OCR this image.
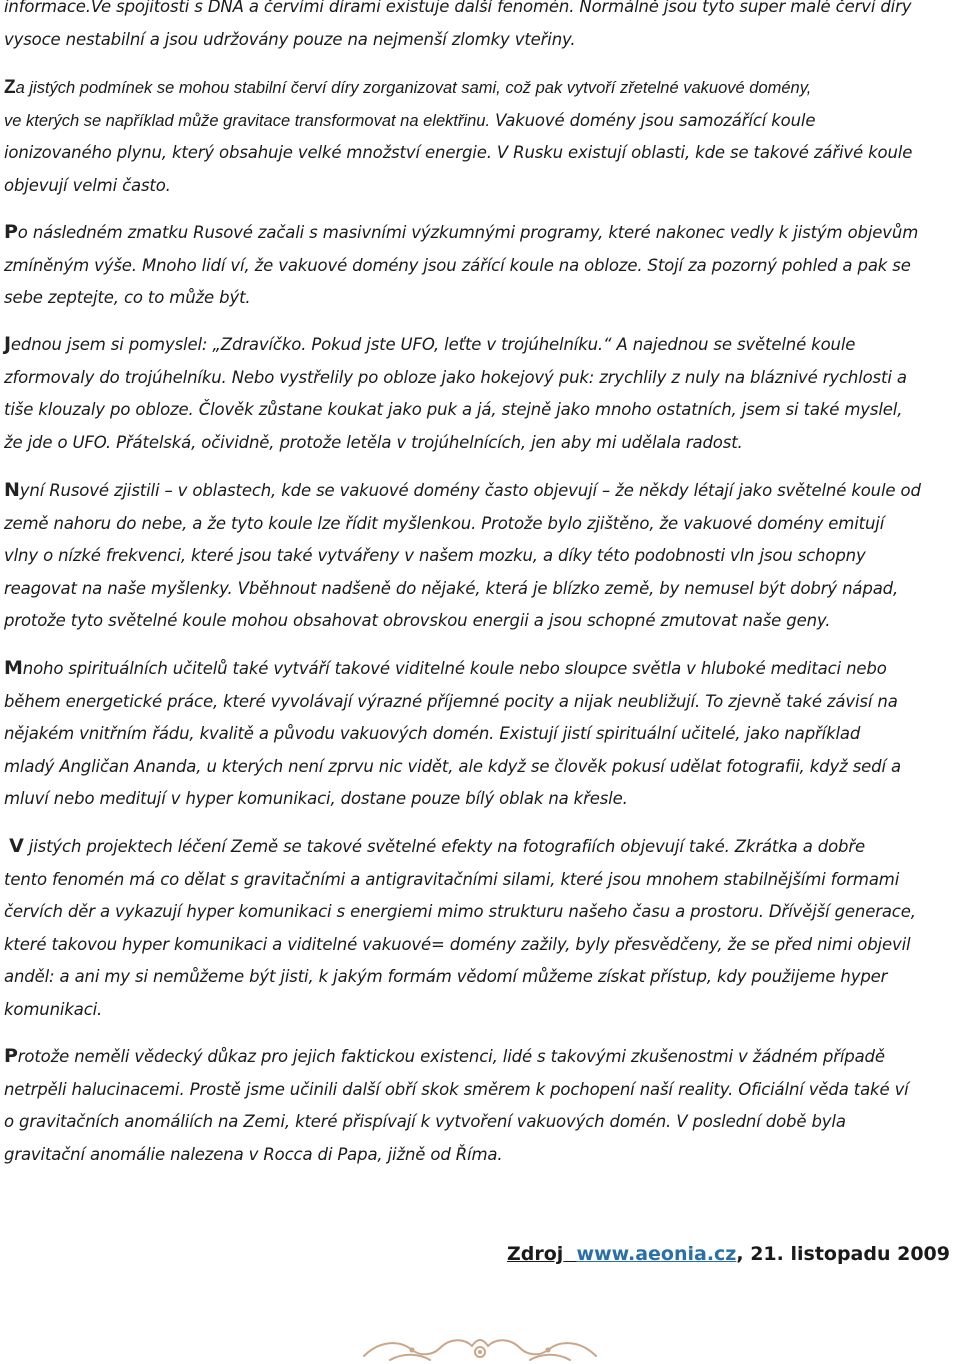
informace.Ve spojitosti s DNA a červími dírami existuje další fenomén. Normálně jsou tyto super malé červí díry
vysoce nestabilní a jsou udržovány pouze na nejmenší zlomky vteřiny.

Za jistých podmínek se mohou stabilní červí díry zorganizovat sami, což pak vytvoří zřetelné vakuové domény,
ve kterých se například může gravitace transformovat na elektřinu. Vakuové domény jsou samozářící koule
ionizovaného plynu, který obsahuje velké množství energie. V Rusku existují oblasti, kde se takové zářivé koule
objevují velmi často.

Po následném zmatku Rusové začali s masivními výzkumnými programy, které nakonec vedly k jistým objevům
zmíněným výše. Mnoho lidí ví, že vakuové domény jsou zářící koule na obloze. Stojí za pozorný pohled a pak se
sebe zeptejte, co to může být.

Jednou jsem si pomyslel: „Zdravíčko. Pokud jste UFO, leťte v trojúhelníku.“ A najednou se světelné koule
zformovaly do trojúhelníku. Nebo vystřelily po obloze jako hokejový puk: zrychlily z nuly na bláznivé rychlosti a
tiše klouzaly po obloze. Člověk zůstane koukat jako puk a já, stejně jako mnoho ostatních, jsem si také myslel,
že jde o UFO. Přátelská, očividně, protože letěla v trojúhelnících, jen aby mi udělala radost.

Nyní Rusové zjistili – v oblastech, kde se vakuové domény často objevují – že někdy létají jako světelné koule od
země nahoru do nebe, a že tyto koule lze řídit myšlenkou. Protože bylo zjištěno, že vakuové domény emitují
vlny o nízké frekvenci, které jsou také vytvářeny v našem mozku, a díky této podobnosti vln jsou schopny
reagovat na naše myšlenky. Vběhnout nadšeně do nějaké, která je blízko země, by nemusel být dobrý nápad,
protože tyto světelné koule mohou obsahovat obrovskou energii a jsou schopné zmutovat naše geny.

Mnoho spirituálních učitelů také vytváří takové viditelné koule nebo sloupce světla v hluboké meditaci nebo
během energetické práce, které vyvolávají výrazné příjemné pocity a nijak neubližují. To zjevně také závisí na
nějakém vnitřním řádu, kvalitě a původu vakuových domén. Existují jistí spirituální učitelé, jako například
mladý Angličan Ananda, u kterých není zprvu nic vidět, ale když se člověk pokusí udělat fotografii, když sedí a
mluví nebo meditují v hyper komunikaci, dostane pouze bílý oblak na křesle.

V jistých projektech léčení Země se takové světelné efekty na fotografiích objevují také. Zkrátka a dobře
tento fenomén má co dělat s gravitačními a antigravitačními silami, které jsou mnohem stabilnějšími formami
červích děr a vykazují hyper komunikaci s energiemi mimo strukturu našeho času a prostoru. Dřívější generace,
které takovou hyper komunikaci a viditelné vakuové= domény zažily, byly přesvědčeny, že se před nimi objevil
anděl: a ani my si nemůžeme být jisti, k jakým formám vědomí můžeme získat přístup, kdy použijeme hyper
komunikaci.

Protože neměli vědecký důkaz pro jejich faktickou existenci, lidé s takovými zkušenostmi v žádném případě
netrpěli halucinacemi. Prostě jsme učinili další obří skok směrem k pochopení naší reality. Oficiální věda také ví
o gravitačních anomáliích na Zemi, které přispívají k vytvoření vakuových domén. V poslední době byla
gravitační anomálie nalezena v Rocca di Papa, jižně od Říma.

Zdroj www.aeonia.cz, 21. listopadu 2009
